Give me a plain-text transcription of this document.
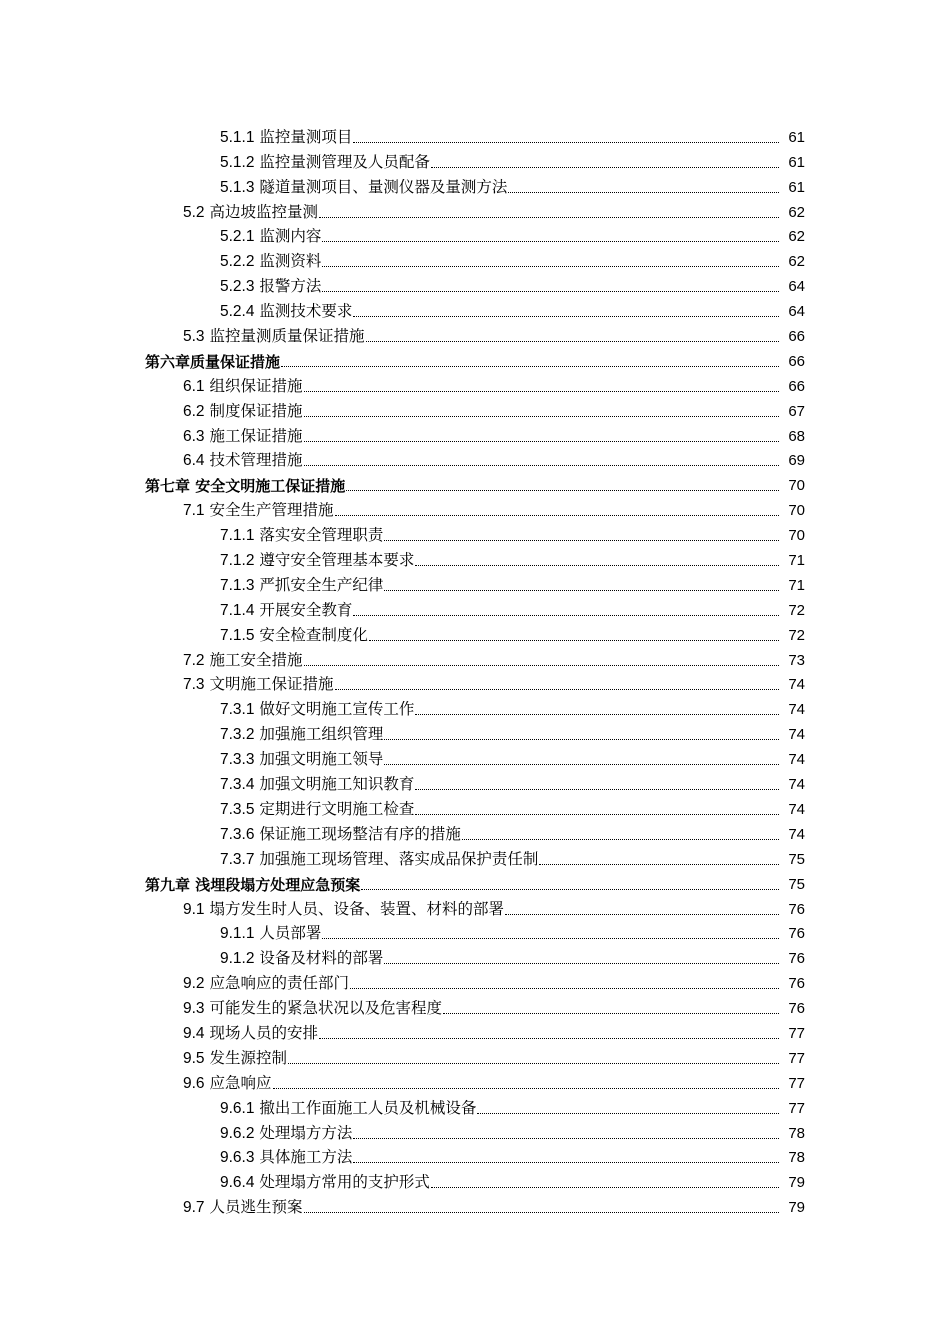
5.1.1 监控量测项目	61
5.1.2 监控量测管理及人员配备	61
5.1.3 隧道量测项目、量测仪器及量测方法	61
5.2 高边坡监控量测	62
5.2.1 监测内容	62
5.2.2 监测资料	62
5.2.3 报警方法	64
5.2.4 监测技术要求	64
5.3 监控量测质量保证措施	66
第六章质量保证措施	66
6.1 组织保证措施	66
6.2 制度保证措施	67
6.3 施工保证措施	68
6.4 技术管理措施	69
第七章 安全文明施工保证措施	70
7.1 安全生产管理措施	70
7.1.1 落实安全管理职责	70
7.1.2 遵守安全管理基本要求	71
7.1.3 严抓安全生产纪律	71
7.1.4 开展安全教育	72
7.1.5 安全检查制度化	72
7.2 施工安全措施	73
7.3 文明施工保证措施	74
7.3.1 做好文明施工宣传工作	74
7.3.2 加强施工组织管理	74
7.3.3 加强文明施工领导	74
7.3.4 加强文明施工知识教育	74
7.3.5 定期进行文明施工检查	74
7.3.6 保证施工现场整洁有序的措施	74
7.3.7 加强施工现场管理、落实成品保护责任制	75
第九章 浅埋段塌方处理应急预案	75
9.1 塌方发生时人员、设备、装置、材料的部署	76
9.1.1 人员部署	76
9.1.2 设备及材料的部署	76
9.2 应急响应的责任部门	76
9.3 可能发生的紧急状况以及危害程度	76
9.4 现场人员的安排	77
9.5 发生源控制	77
9.6 应急响应	77
9.6.1 撤出工作面施工人员及机械设备	77
9.6.2 处理塌方方法	78
9.6.3 具体施工方法	78
9.6.4 处理塌方常用的支护形式	79
9.7 人员逃生预案	79
